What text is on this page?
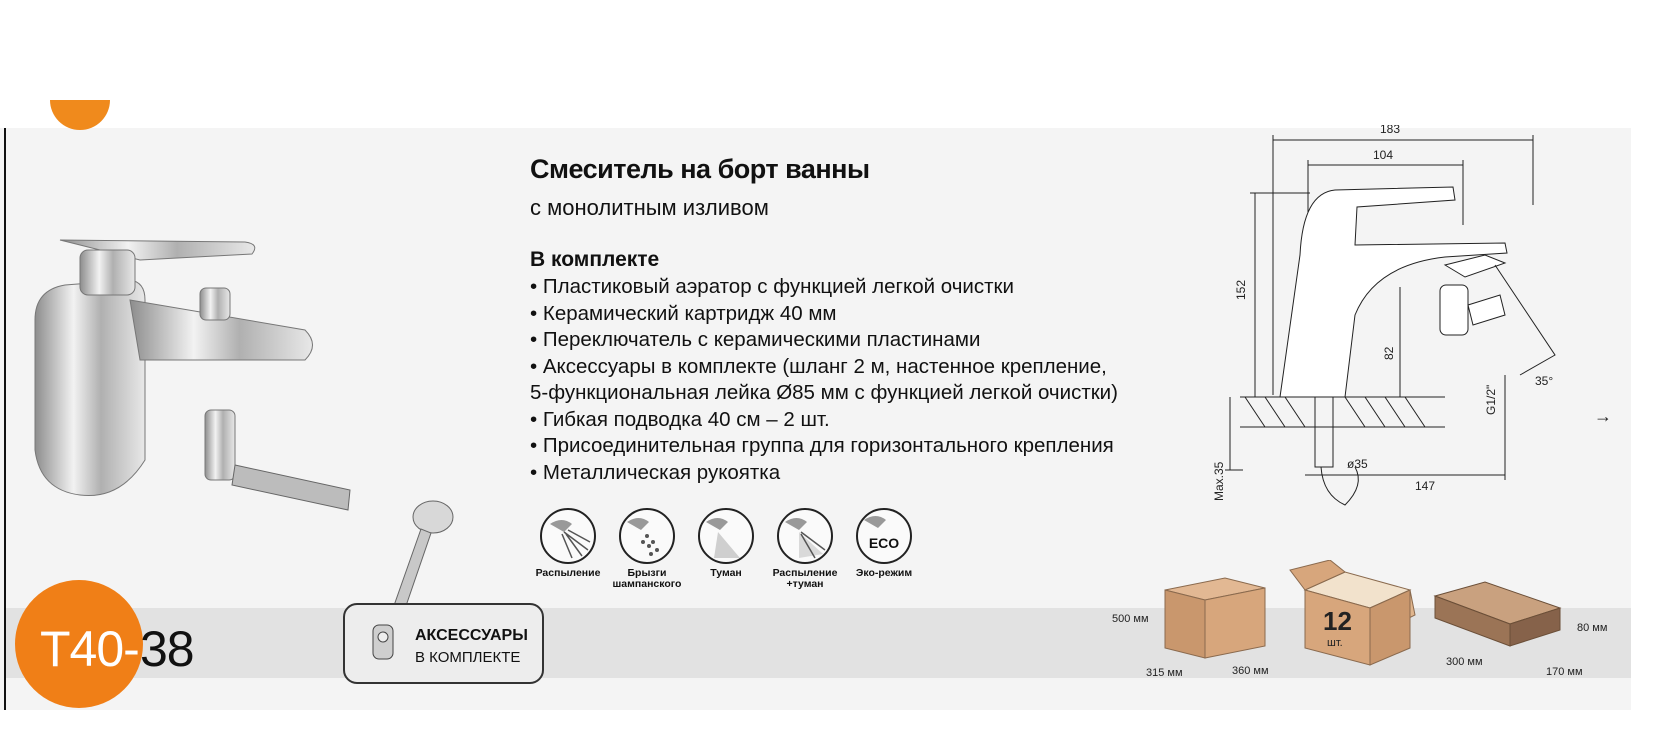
T40- 38	АКСЕССУАРЫ
В КОМПЛЕКТЕ
Смеситель на борт ванны
с монолитным изливом
В комплекте
• Пластиковый аэратор с функцией легкой очистки
• Керамический картридж 40 мм
• Переключатель с керамическими пластинами
• Аксессуары в комплекте (шланг 2 м, настенное крепление,
5-функциональная лейка Ø85 мм с функцией легкой очистки)
• Гибкая подводка 40 см – 2 шт.
• Присоединительная группа для горизонтального крепления
• Металлическая рукоятка
Распыление	Брызги
шампанского
Туман	Распыление
+туман
ECO
Эко-режим

183
104
152
82
G1/2"
35°
ø35
147
Max.35
500 мм
315 мм	360 мм
12
шт.
80 мм
300 мм
170 мм
→
